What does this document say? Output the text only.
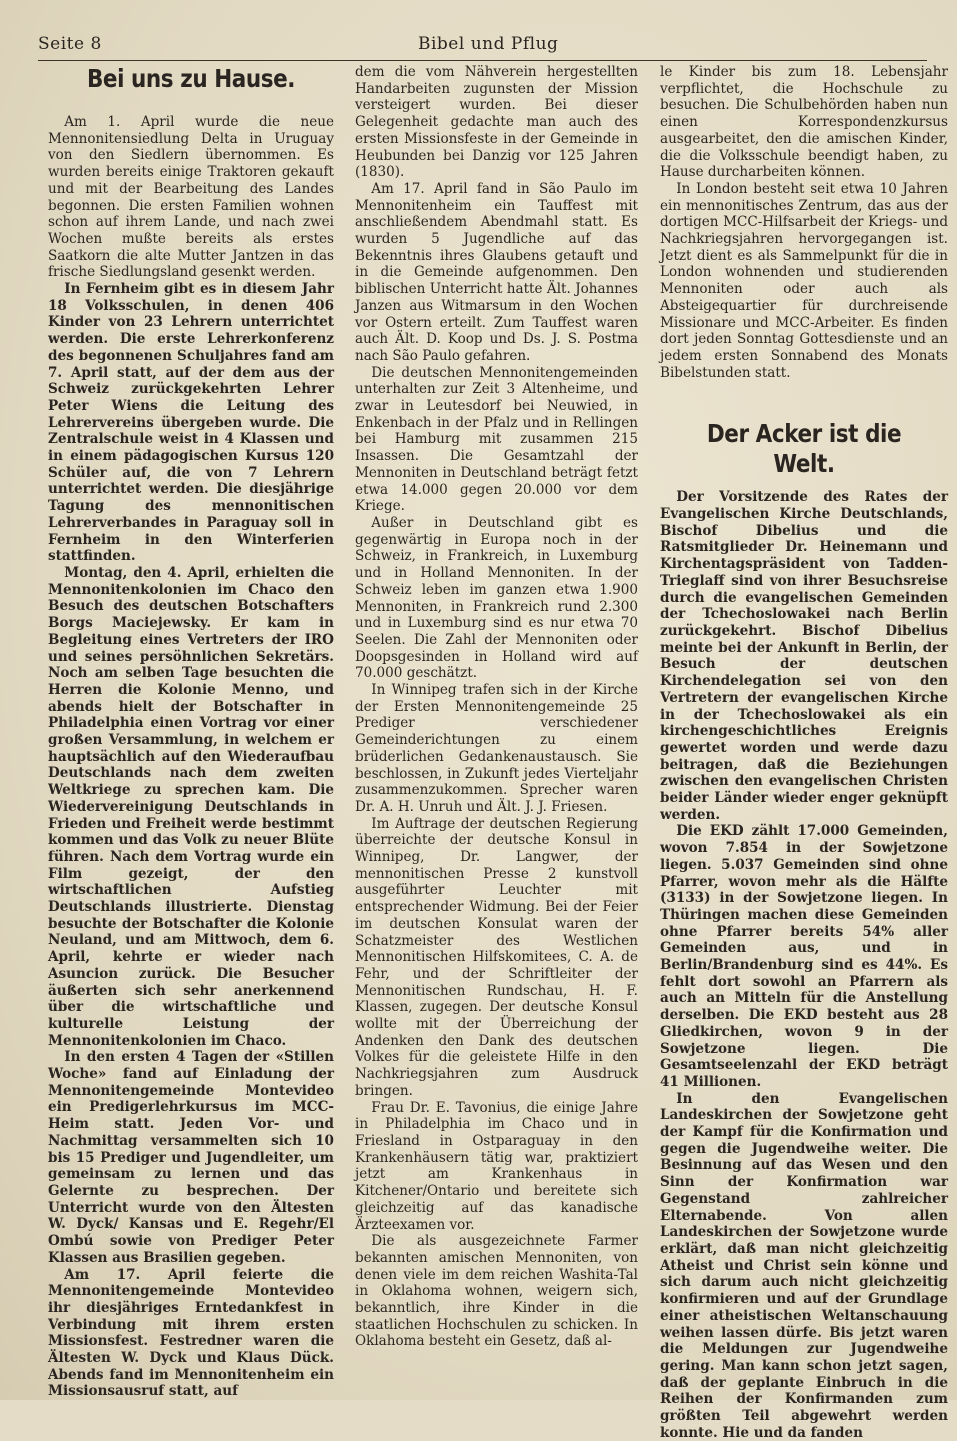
Seite 8	Bibel und Pflug
Bei uns zu Hause.

Am 1. April wurde die neue Mennonitensiedlung Delta in Uruguay von den Siedlern übernommen. Es wurden bereits einige Traktoren gekauft und mit der Bearbeitung des Landes begonnen. Die ersten Familien wohnen schon auf ihrem Lande, und nach zwei Wochen mußte bereits als erstes Saatkorn die alte Mutter Jantzen in das frische Siedlungsland gesenkt werden.

In Fernheim gibt es in diesem Jahr 18 Volksschulen, in denen 406 Kinder von 23 Lehrern unterrichtet werden. Die erste Lehrerkonferenz des begonnenen Schuljahres fand am 7. April statt, auf der dem aus der Schweiz zurückgekehrten Lehrer Peter Wiens die Leitung des Lehrervereins übergeben wurde. Die Zentralschule weist in 4 Klassen und in einem pädagogischen Kursus 120 Schüler auf, die von 7 Lehrern unterrichtet werden. Die diesjährige Tagung des mennonitischen Lehrerverbandes in Paraguay soll in Fernheim in den Winterferien stattfinden.

Montag, den 4. April, erhielten die Mennonitenkolonien im Chaco den Besuch des deutschen Botschafters Borgs Maciejewsky. Er kam in Begleitung eines Vertreters der IRO und seines persöhnlichen Sekretärs. Noch am selben Tage besuchten die Herren die Kolonie Menno, und abends hielt der Botschafter in Philadelphia einen Vortrag vor einer großen Versammlung, in welchem er hauptsächlich auf den Wiederaufbau Deutschlands nach dem zweiten Weltkriege zu sprechen kam. Die Wiedervereinigung Deutschlands in Frieden und Freiheit werde bestimmt kommen und das Volk zu neuer Blüte führen. Nach dem Vortrag wurde ein Film gezeigt, der den wirtschaftlichen Aufstieg Deutschlands illustrierte. Dienstag besuchte der Botschafter die Kolonie Neuland, und am Mittwoch, dem 6. April, kehrte er wieder nach Asuncion zurück. Die Besucher äußerten sich sehr anerkennend über die wirtschaftliche und kulturelle Leistung der Mennonitenkolonien im Chaco.

In den ersten 4 Tagen der «Stillen Woche» fand auf Einladung der Mennonitengemeinde Montevideo ein Predigerlehrkursus im MCC-Heim statt. Jeden Vor- und Nachmittag versammelten sich 10 bis 15 Prediger und Jugendleiter, um gemeinsam zu lernen und das Gelernte zu besprechen. Der Unterricht wurde von den Ältesten W. Dyck/ Kansas und E. Regehr/El Ombú sowie von Prediger Peter Klassen aus Brasilien gegeben.

Am 17. April feierte die Mennonitengemeinde Montevideo ihr diesjähriges Erntedankfest in Verbindung mit ihrem ersten Missionsfest. Festredner waren die Ältesten W. Dyck und Klaus Dück. Abends fand im Mennonitenheim ein Missionsausruf statt, auf

dem die vom Nähverein hergestellten Handarbeiten zugunsten der Mission versteigert wurden. Bei dieser Gelegenheit gedachte man auch des ersten Missionsfeste in der Gemeinde in Heubunden bei Danzig vor 125 Jahren (1830).

Am 17. April fand in São Paulo im Mennonitenheim ein Tauffest mit anschließendem Abendmahl statt. Es wurden 5 Jugendliche auf das Bekenntnis ihres Glaubens getauft und in die Gemeinde aufgenommen. Den biblischen Unterricht hatte Ält. Johannes Janzen aus Witmarsum in den Wochen vor Ostern erteilt. Zum Tauffest waren auch Ält. D. Koop und Ds. J. S. Postma nach São Paulo gefahren.

Die deutschen Mennonitengemeinden unterhalten zur Zeit 3 Altenheime, und zwar in Leutesdorf bei Neuwied, in Enkenbach in der Pfalz und in Rellingen bei Hamburg mit zusammen 215 Insassen. Die Gesamtzahl der Mennoniten in Deutschland beträgt fetzt etwa 14.000 gegen 20.000 vor dem Kriege.

Außer in Deutschland gibt es gegenwärtig in Europa noch in der Schweiz, in Frankreich, in Luxemburg und in Holland Mennoniten. In der Schweiz leben im ganzen etwa 1.900 Mennoniten, in Frankreich rund 2.300 und in Luxemburg sind es nur etwa 70 Seelen. Die Zahl der Mennoniten oder Doopsgesinden in Holland wird auf 70.000 geschätzt.

In Winnipeg trafen sich in der Kirche der Ersten Mennonitengemeinde 25 Prediger verschiedener Gemeinderichtungen zu einem brüderlichen Gedankenaustausch. Sie beschlossen, in Zukunft jedes Vierteljahr zusammenzukommen. Sprecher waren Dr. A. H. Unruh und Ält. J. J. Friesen.

Im Auftrage der deutschen Regierung überreichte der deutsche Konsul in Winnipeg, Dr. Langwer, der mennonitischen Presse 2 kunstvoll ausgeführter Leuchter mit entsprechender Widmung. Bei der Feier im deutschen Konsulat waren der Schatzmeister des Westlichen Mennonitischen Hilfskomitees, C. A. de Fehr, und der Schriftleiter der Mennonitischen Rundschau, H. F. Klassen, zugegen. Der deutsche Konsul wollte mit der Überreichung der Andenken den Dank des deutschen Volkes für die geleistete Hilfe in den Nachkriegsjahren zum Ausdruck bringen.

Frau Dr. E. Tavonius, die einige Jahre in Philadelphia im Chaco und in Friesland in Ostparaguay in den Krankenhäusern tätig war, praktiziert jetzt am Krankenhaus in Kitchener/Ontario und bereitete sich gleichzeitig auf das kanadische Ärzteexamen vor.

Die als ausgezeichnete Farmer bekannten amischen Mennoniten, von denen viele im dem reichen Washita-Tal in Oklahoma wohnen, weigern sich, bekanntlich, ihre Kinder in die staatlichen Hochschulen zu schicken. In Oklahoma besteht ein Gesetz, daß al-

le Kinder bis zum 18. Lebensjahr verpflichtet, die Hochschule zu besuchen. Die Schulbehörden haben nun einen Korrespondenzkursus ausgearbeitet, den die amischen Kinder, die die Volksschule beendigt haben, zu Hause durcharbeiten können.

In London besteht seit etwa 10 Jahren ein mennonitisches Zentrum, das aus der dortigen MCC-Hilfsarbeit der Kriegs- und Nachkriegsjahren hervorgegangen ist. Jetzt dient es als Sammelpunkt für die in London wohnenden und studierenden Mennoniten oder auch als Absteigequartier für durchreisende Missionare und MCC-Arbeiter. Es finden dort jeden Sonntag Gottesdienste und an jedem ersten Sonnabend des Monats Bibelstunden statt.

Der Acker ist die Welt.

Der Vorsitzende des Rates der Evangelischen Kirche Deutschlands, Bischof Dibelius und die Ratsmitglieder Dr. Heinemann und Kirchentagspräsident von Tadden-Trieglaff sind von ihrer Besuchsreise durch die evangelischen Gemeinden der Tchechoslowakei nach Berlin zurückgekehrt. Bischof Dibelius meinte bei der Ankunft in Berlin, der Besuch der deutschen Kirchendelegation sei von den Vertretern der evangelischen Kirche in der Tchechoslowakei als ein kirchengeschichtliches Ereignis gewertet worden und werde dazu beitragen, daß die Beziehungen zwischen den evangelischen Christen beider Länder wieder enger geknüpft werden.

Die EKD zählt 17.000 Gemeinden, wovon 7.854 in der Sowjetzone liegen. 5.037 Gemeinden sind ohne Pfarrer, wovon mehr als die Hälfte (3133) in der Sowjetzone liegen. In Thüringen machen diese Gemeinden ohne Pfarrer bereits 54% aller Gemeinden aus, und in Berlin/Brandenburg sind es 44%. Es fehlt dort sowohl an Pfarrern als auch an Mitteln für die Anstellung derselben. Die EKD besteht aus 28 Gliedkirchen, wovon 9 in der Sowjetzone liegen. Die Gesamtseelenzahl der EKD beträgt 41 Millionen.

In den Evangelischen Landeskirchen der Sowjetzone geht der Kampf für die Konfirmation und gegen die Jugendweihe weiter. Die Besinnung auf das Wesen und den Sinn der Konfirmation war Gegenstand zahlreicher Elternabende. Von allen Landeskirchen der Sowjetzone wurde erklärt, daß man nicht gleichzeitig Atheist und Christ sein könne und sich darum auch nicht gleichzeitig konfirmieren und auf der Grundlage einer atheistischen Weltanschauung weihen lassen dürfe. Bis jetzt waren die Meldungen zur Jugendweihe gering. Man kann schon jetzt sagen, daß der geplante Einbruch in die Reihen der Konfirmanden zum größten Teil abgewehrt werden konnte. Hie und da fanden
